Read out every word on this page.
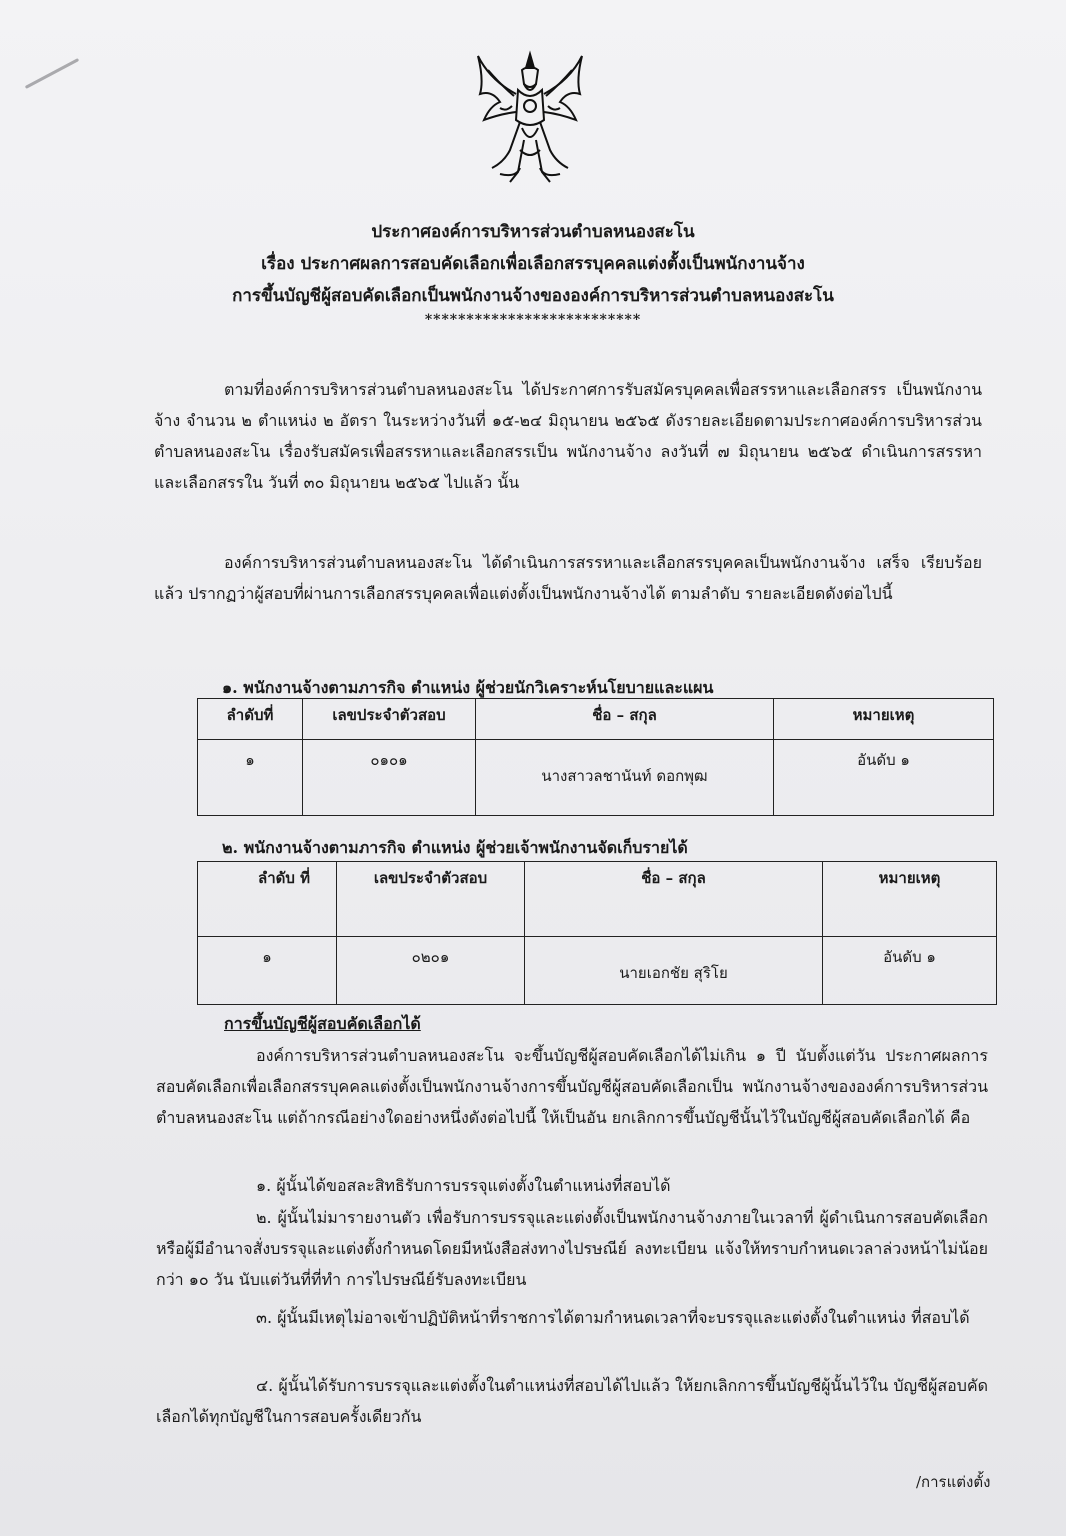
ประกาศองค์การบริหารส่วนตำบลหนองสะโน
เรื่อง ประกาศผลการสอบคัดเลือกเพื่อเลือกสรรบุคคลแต่งตั้งเป็นพนักงานจ้าง
การขึ้นบัญชีผู้สอบคัดเลือกเป็นพนักงานจ้างขององค์การบริหารส่วนตำบลหนองสะโน
**************************
ตามที่องค์การบริหารส่วนตำบลหนองสะโน ได้ประกาศการรับสมัครบุคคลเพื่อสรรหาและเลือกสรร เป็นพนักงานจ้าง จำนวน ๒ ตำแหน่ง ๒ อัตรา ในระหว่างวันที่ ๑๕-๒๔ มิถุนายน ๒๕๖๕ ดังรายละเอียดตามประกาศองค์การบริหารส่วนตำบลหนองสะโน เรื่องรับสมัครเพื่อสรรหาและเลือกสรรเป็น พนักงานจ้าง ลงวันที่ ๗ มิถุนายน ๒๕๖๕ ดำเนินการสรรหาและเลือกสรรใน วันที่ ๓๐ มิถุนายน ๒๕๖๕ ไปแล้ว นั้น
องค์การบริหารส่วนตำบลหนองสะโน ได้ดำเนินการสรรหาและเลือกสรรบุคคลเป็นพนักงานจ้าง เสร็จ เรียบร้อยแล้ว ปรากฏว่าผู้สอบที่ผ่านการเลือกสรรบุคคลเพื่อแต่งตั้งเป็นพนักงานจ้างได้ ตามลำดับ รายละเอียดดังต่อไปนี้
๑. พนักงานจ้างตามภารกิจ ตำแหน่ง ผู้ช่วยนักวิเคราะห์นโยบายและแผน
ลำดับที่	เลขประจำตัวสอบ	ชื่อ – สกุล	หมายเหตุ
๑	๐๑๐๑	นางสาวลชานันท์ ดอกพุฒ	อันดับ ๑
๒. พนักงานจ้างตามภารกิจ ตำแหน่ง ผู้ช่วยเจ้าพนักงานจัดเก็บรายได้
ลำดับ ที่	เลขประจำตัวสอบ	ชื่อ – สกุล	หมายเหตุ
๑	๐๒๐๑	นายเอกชัย สุริโย	อันดับ ๑
การขึ้นบัญชีผู้สอบคัดเลือกได้
องค์การบริหารส่วนตำบลหนองสะโน จะขึ้นบัญชีผู้สอบคัดเลือกได้ไม่เกิน ๑ ปี นับตั้งแต่วัน ประกาศผลการสอบคัดเลือกเพื่อเลือกสรรบุคคลแต่งตั้งเป็นพนักงานจ้างการขึ้นบัญชีผู้สอบคัดเลือกเป็น พนักงานจ้างขององค์การบริหารส่วนตำบลหนองสะโน แต่ถ้ากรณีอย่างใดอย่างหนึ่งดังต่อไปนี้ ให้เป็นอัน ยกเลิกการขึ้นบัญชีนั้นไว้ในบัญชีผู้สอบคัดเลือกได้ คือ
๑. ผู้นั้นได้ขอสละสิทธิรับการบรรจุแต่งตั้งในตำแหน่งที่สอบได้
๒. ผู้นั้นไม่มารายงานตัว เพื่อรับการบรรจุและแต่งตั้งเป็นพนักงานจ้างภายในเวลาที่ ผู้ดำเนินการสอบคัดเลือกหรือผู้มีอำนาจสั่งบรรจุและแต่งตั้งกำหนดโดยมีหนังสือส่งทางไปรษณีย์ ลงทะเบียน แจ้งให้ทราบกำหนดเวลาล่วงหน้าไม่น้อยกว่า ๑๐ วัน นับแต่วันที่ที่ทำ การไปรษณีย์รับลงทะเบียน
๓. ผู้นั้นมีเหตุไม่อาจเข้าปฏิบัติหน้าที่ราชการได้ตามกำหนดเวลาที่จะบรรจุและแต่งตั้งในตำแหน่ง ที่สอบได้
๔. ผู้นั้นได้รับการบรรจุและแต่งตั้งในตำแหน่งที่สอบได้ไปแล้ว ให้ยกเลิกการขึ้นบัญชีผู้นั้นไว้ใน บัญชีผู้สอบคัดเลือกได้ทุกบัญชีในการสอบครั้งเดียวกัน
/การแต่งตั้ง
